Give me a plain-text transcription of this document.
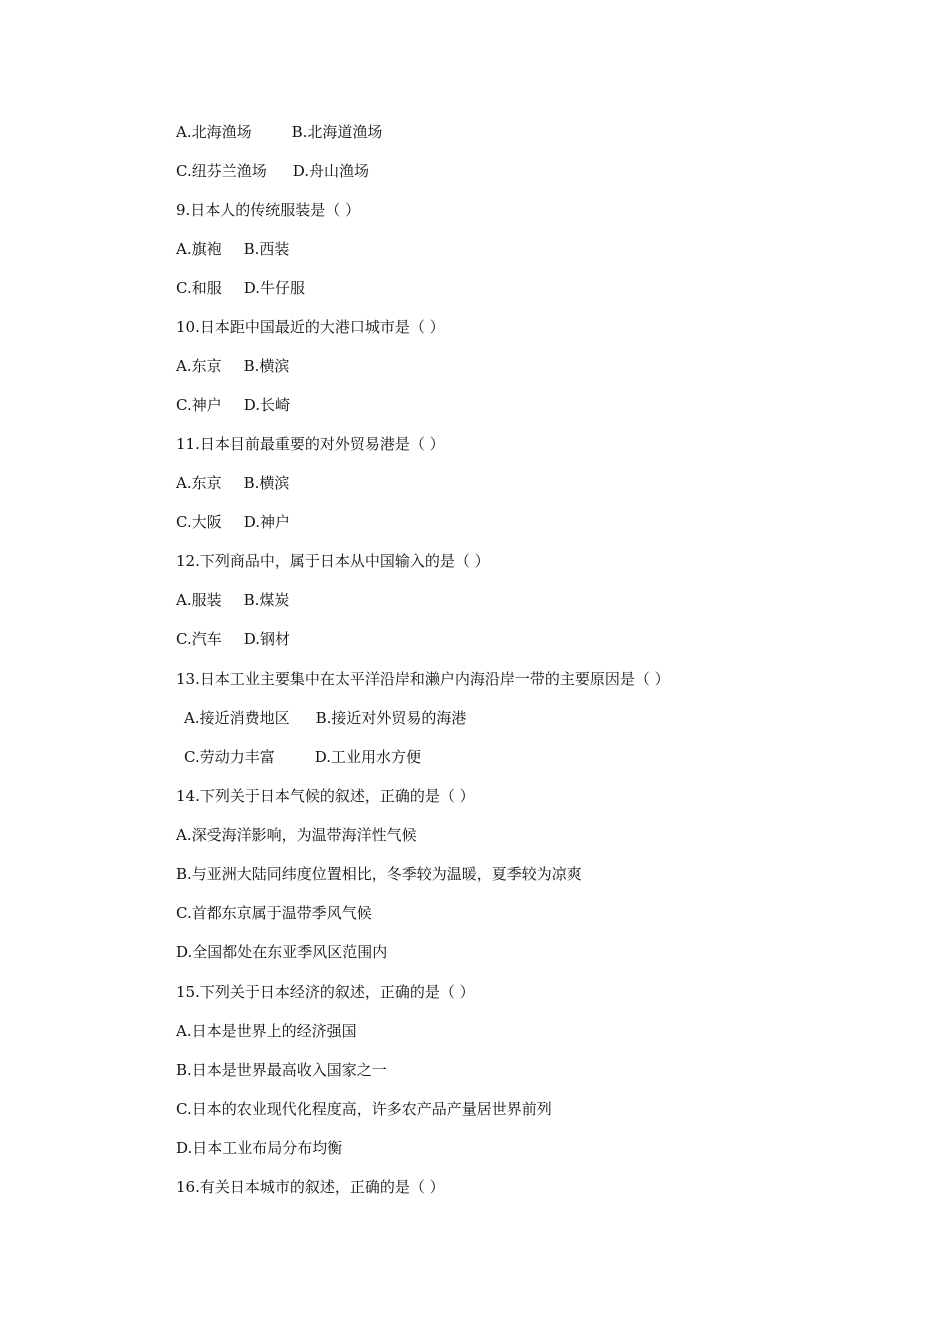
A.北海渔场	B.北海道渔场
C.纽芬兰渔场 D.舟山渔场
9.日本人的传统服装是（ ）
A.旗袍 B.西装
C.和服 D.牛仔服
10.日本距中国最近的大港口城市是（ ）
A.东京 B.横滨
C.神户 D.长崎
11.日本目前最重要的对外贸易港是（ ）
A.东京 B.横滨
C.大阪 D.神户
12.下列商品中，属于日本从中国输入的是（ ）
A.服装 B.煤炭
C.汽车 D.钢材
13.日本工业主要集中在太平洋沿岸和濑户内海沿岸一带的主要原因是（ ）
A.接近消费地区 B.接近对外贸易的海港
C.劳动力丰富	D.工业用水方便
14.下列关于日本气候的叙述，正确的是（ ）
A.深受海洋影响，为温带海洋性气候
B.与亚洲大陆同纬度位置相比，冬季较为温暖，夏季较为凉爽
C.首都东京属于温带季风气候
D.全国都处在东亚季风区范围内
15.下列关于日本经济的叙述，正确的是（ ）
A.日本是世界上的经济强国
B.日本是世界最高收入国家之一
C.日本的农业现代化程度高，许多农产品产量居世界前列
D.日本工业布局分布均衡
16.有关日本城市的叙述，正确的是（ ）
